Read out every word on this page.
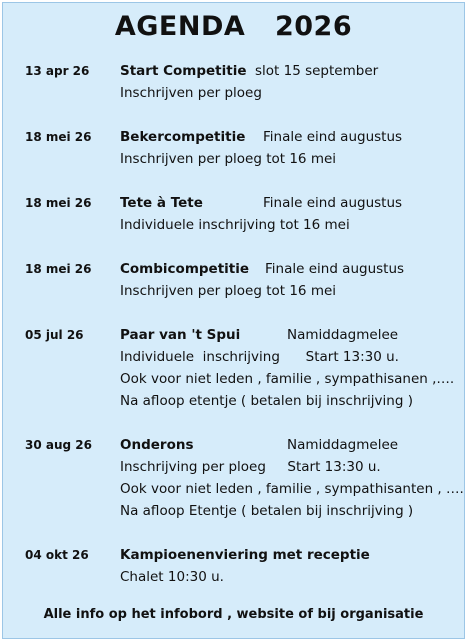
AGENDA   2026
13 apr 26	Start Competitie slot 15 september
Inschrijven per ploeg
18 mei 26	Bekercompetitie Finale eind augustus
Inschrijven per ploeg tot 16 mei
18 mei 26	Tete à Tete	Finale eind augustus
Individuele inschrijving tot 16 mei
18 mei 26	Combicompetitie Finale eind augustus
Inschrijven per ploeg tot 16 mei
05 jul 26	Paar van 't Spui	Namiddagmelee
Individuele  inschrijving      Start 13:30 u.
Ook voor niet leden , familie , sympathisanen ,….
Na afloop etentje ( betalen bij inschrijving )
30 aug 26	Onderons	Namiddagmelee
Inschrijving per ploeg     Start 13:30 u.
Ook voor niet leden , familie , sympathisanten , ….
Na afloop Etentje ( betalen bij inschrijving )
04 okt 26	Kampioenenviering met receptie
Chalet 10:30 u.
Alle info op het infobord , website of bij organisatie
